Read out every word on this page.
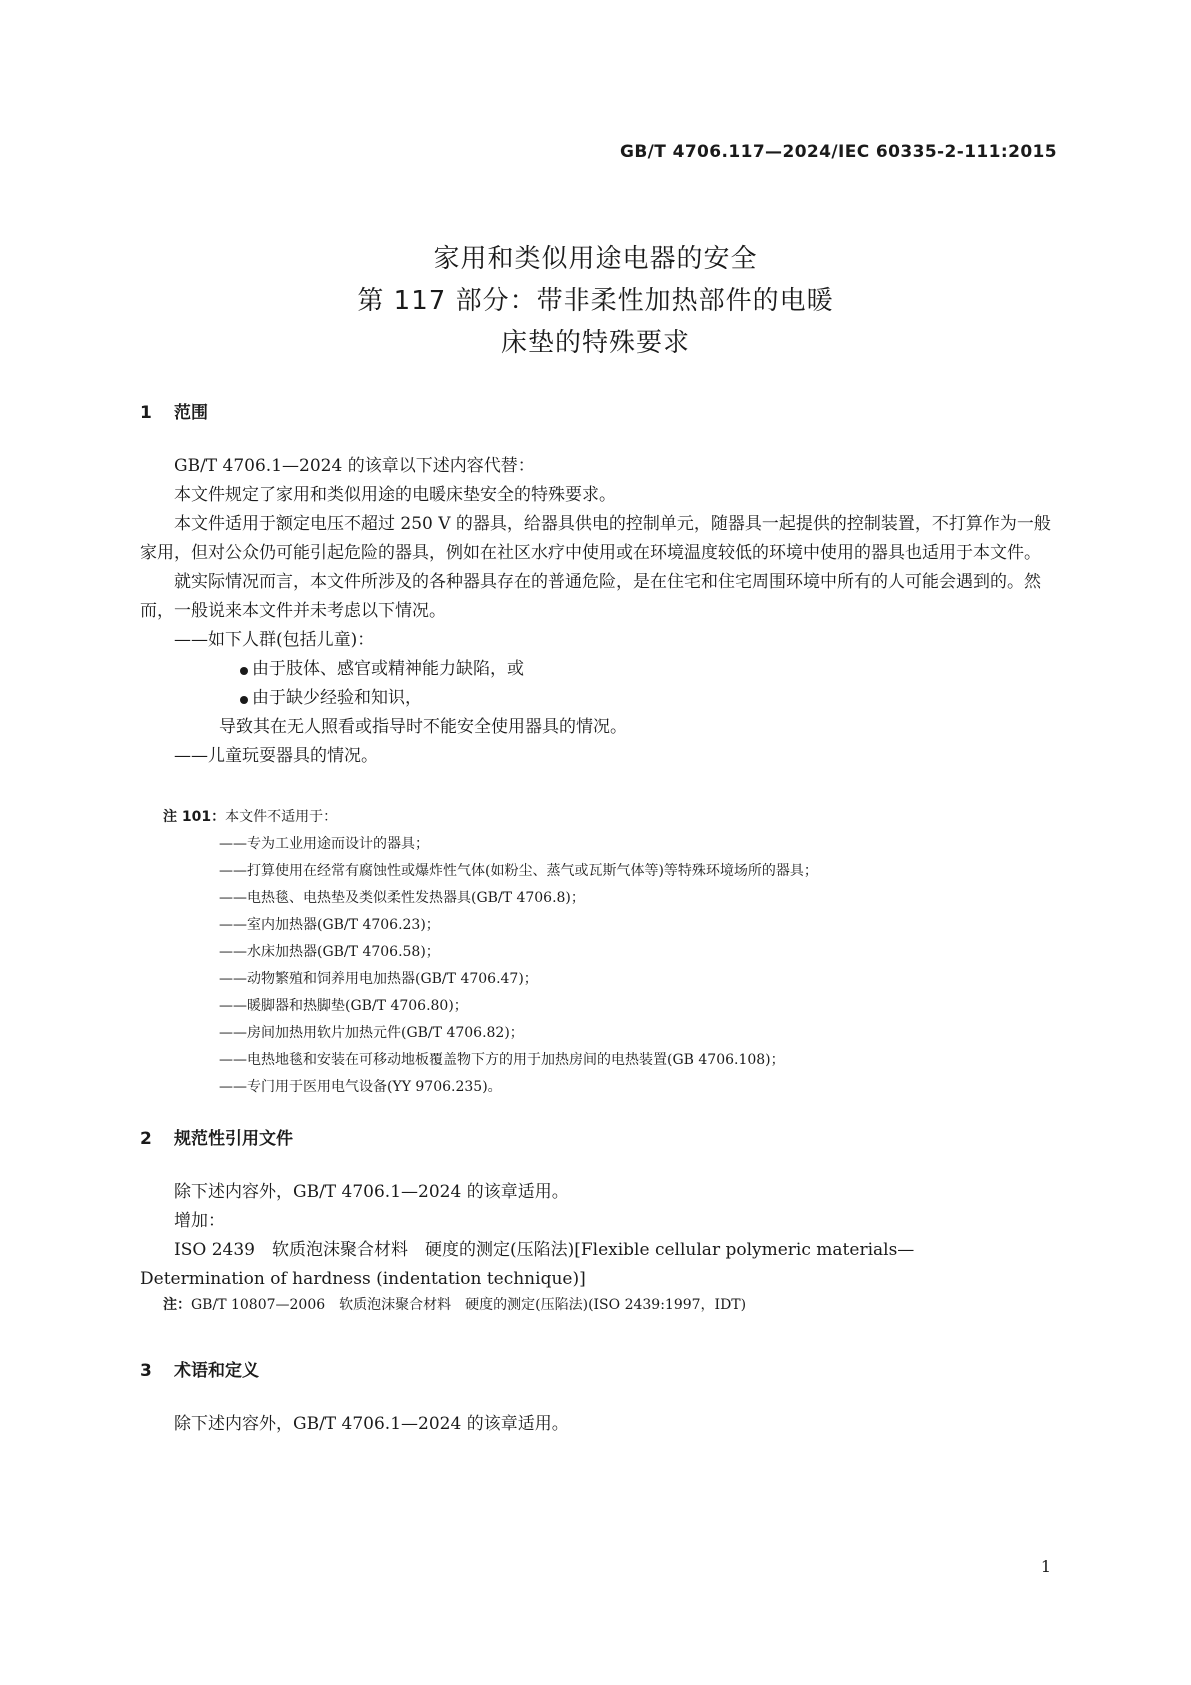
GB/T 4706.117—2024/IEC 60335-2-111:2015
家用和类似用途电器的安全
第 117 部分：带非柔性加热部件的电暖
床垫的特殊要求
1 范围

GB/T 4706.1—2024 的该章以下述内容代替：

本文件规定了家用和类似用途的电暖床垫安全的特殊要求。

本文件适用于额定电压不超过 250 V 的器具，给器具供电的控制单元，随器具一起提供的控制装置，不打算作为一般家用，但对公众仍可能引起危险的器具，例如在社区水疗中使用或在环境温度较低的环境中使用的器具也适用于本文件。

就实际情况而言，本文件所涉及的各种器具存在的普通危险，是在住宅和住宅周围环境中所有的人可能会遇到的。然而，一般说来本文件并未考虑以下情况。

——如下人群(包括儿童)：

由于肢体、感官或精神能力缺陷，或

由于缺少经验和知识，

导致其在无人照看或指导时不能安全使用器具的情况。

——儿童玩耍器具的情况。

注 101：本文件不适用于：

——专为工业用途而设计的器具；

——打算使用在经常有腐蚀性或爆炸性气体(如粉尘、蒸气或瓦斯气体等)等特殊环境场所的器具；

——电热毯、电热垫及类似柔性发热器具(GB/T 4706.8)；

——室内加热器(GB/T 4706.23)；

——水床加热器(GB/T 4706.58)；

——动物繁殖和饲养用电加热器(GB/T 4706.47)；

——暖脚器和热脚垫(GB/T 4706.80)；

——房间加热用软片加热元件(GB/T 4706.82)；

——电热地毯和安装在可移动地板覆盖物下方的用于加热房间的电热装置(GB 4706.108)；

——专门用于医用电气设备(YY 9706.235)。

2 规范性引用文件

除下述内容外，GB/T 4706.1—2024 的该章适用。

增加：

ISO 2439　软质泡沫聚合材料　硬度的测定(压陷法)[Flexible cellular polymeric materials—

Determination of hardness (indentation technique)]

注：GB/T 10807—2006　软质泡沫聚合材料　硬度的测定(压陷法)(ISO 2439:1997，IDT)

3 术语和定义

除下述内容外，GB/T 4706.1—2024 的该章适用。

1
